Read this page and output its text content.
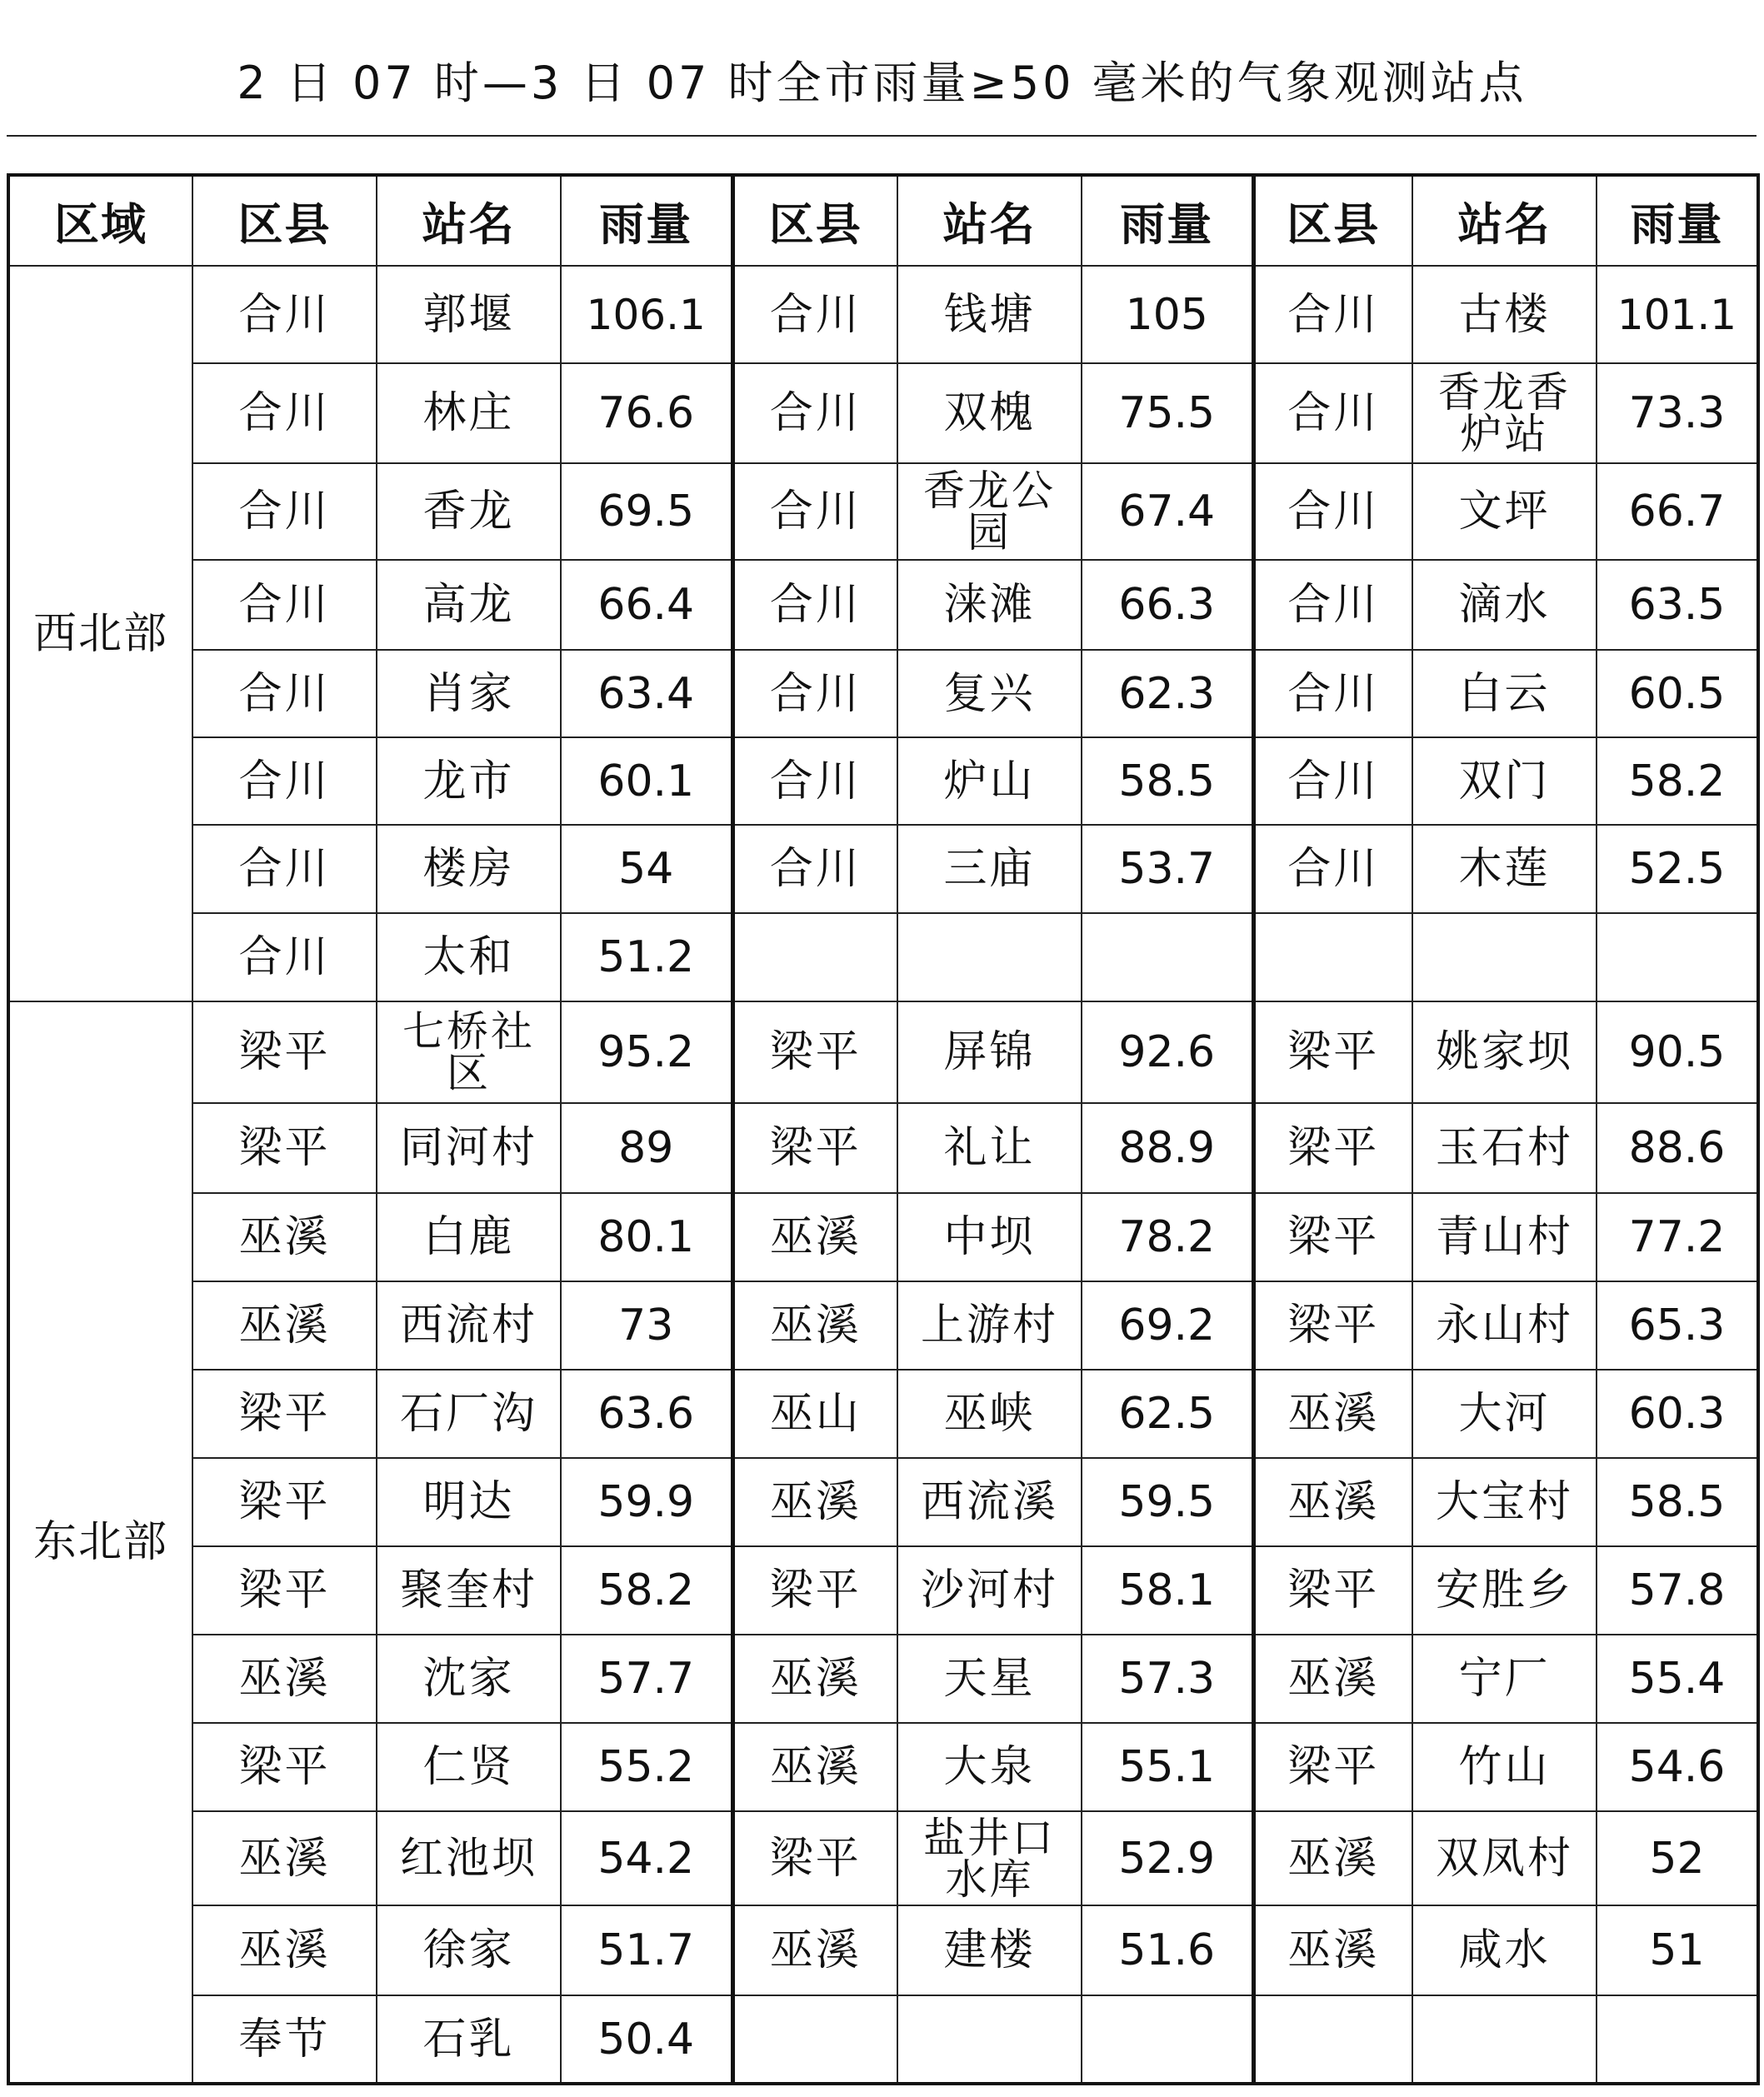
2 日 07 时—3 日 07 时全市雨量≥50 毫米的气象观测站点
区域	区县	站名	雨量	区县	站名	雨量	区县	站名	雨量
西北部	合川	郭堰	106.1	合川	钱塘	105	合川	古楼	101.1
	合川	林庄	76.6	合川	双槐	75.5	合川	香龙香炉站	73.3
	合川	香龙	69.5	合川	香龙公园	67.4	合川	文坪	66.7
	合川	高龙	66.4	合川	涞滩	66.3	合川	滴水	63.5
	合川	肖家	63.4	合川	复兴	62.3	合川	白云	60.5
	合川	龙市	60.1	合川	炉山	58.5	合川	双门	58.2
	合川	楼房	54	合川	三庙	53.7	合川	木莲	52.5
	合川	太和	51.2						
东北部	梁平	七桥社区	95.2	梁平	屏锦	92.6	梁平	姚家坝	90.5
	梁平	同河村	89	梁平	礼让	88.9	梁平	玉石村	88.6
	巫溪	白鹿	80.1	巫溪	中坝	78.2	梁平	青山村	77.2
	巫溪	西流村	73	巫溪	上游村	69.2	梁平	永山村	65.3
	梁平	石厂沟	63.6	巫山	巫峡	62.5	巫溪	大河	60.3
	梁平	明达	59.9	巫溪	西流溪	59.5	巫溪	大宝村	58.5
	梁平	聚奎村	58.2	梁平	沙河村	58.1	梁平	安胜乡	57.8
	巫溪	沈家	57.7	巫溪	天星	57.3	巫溪	宁厂	55.4
	梁平	仁贤	55.2	巫溪	大泉	55.1	梁平	竹山	54.6
	巫溪	红池坝	54.2	梁平	盐井口水库	52.9	巫溪	双凤村	52
	巫溪	徐家	51.7	巫溪	建楼	51.6	巫溪	咸水	51
	奉节	石乳	50.4						
